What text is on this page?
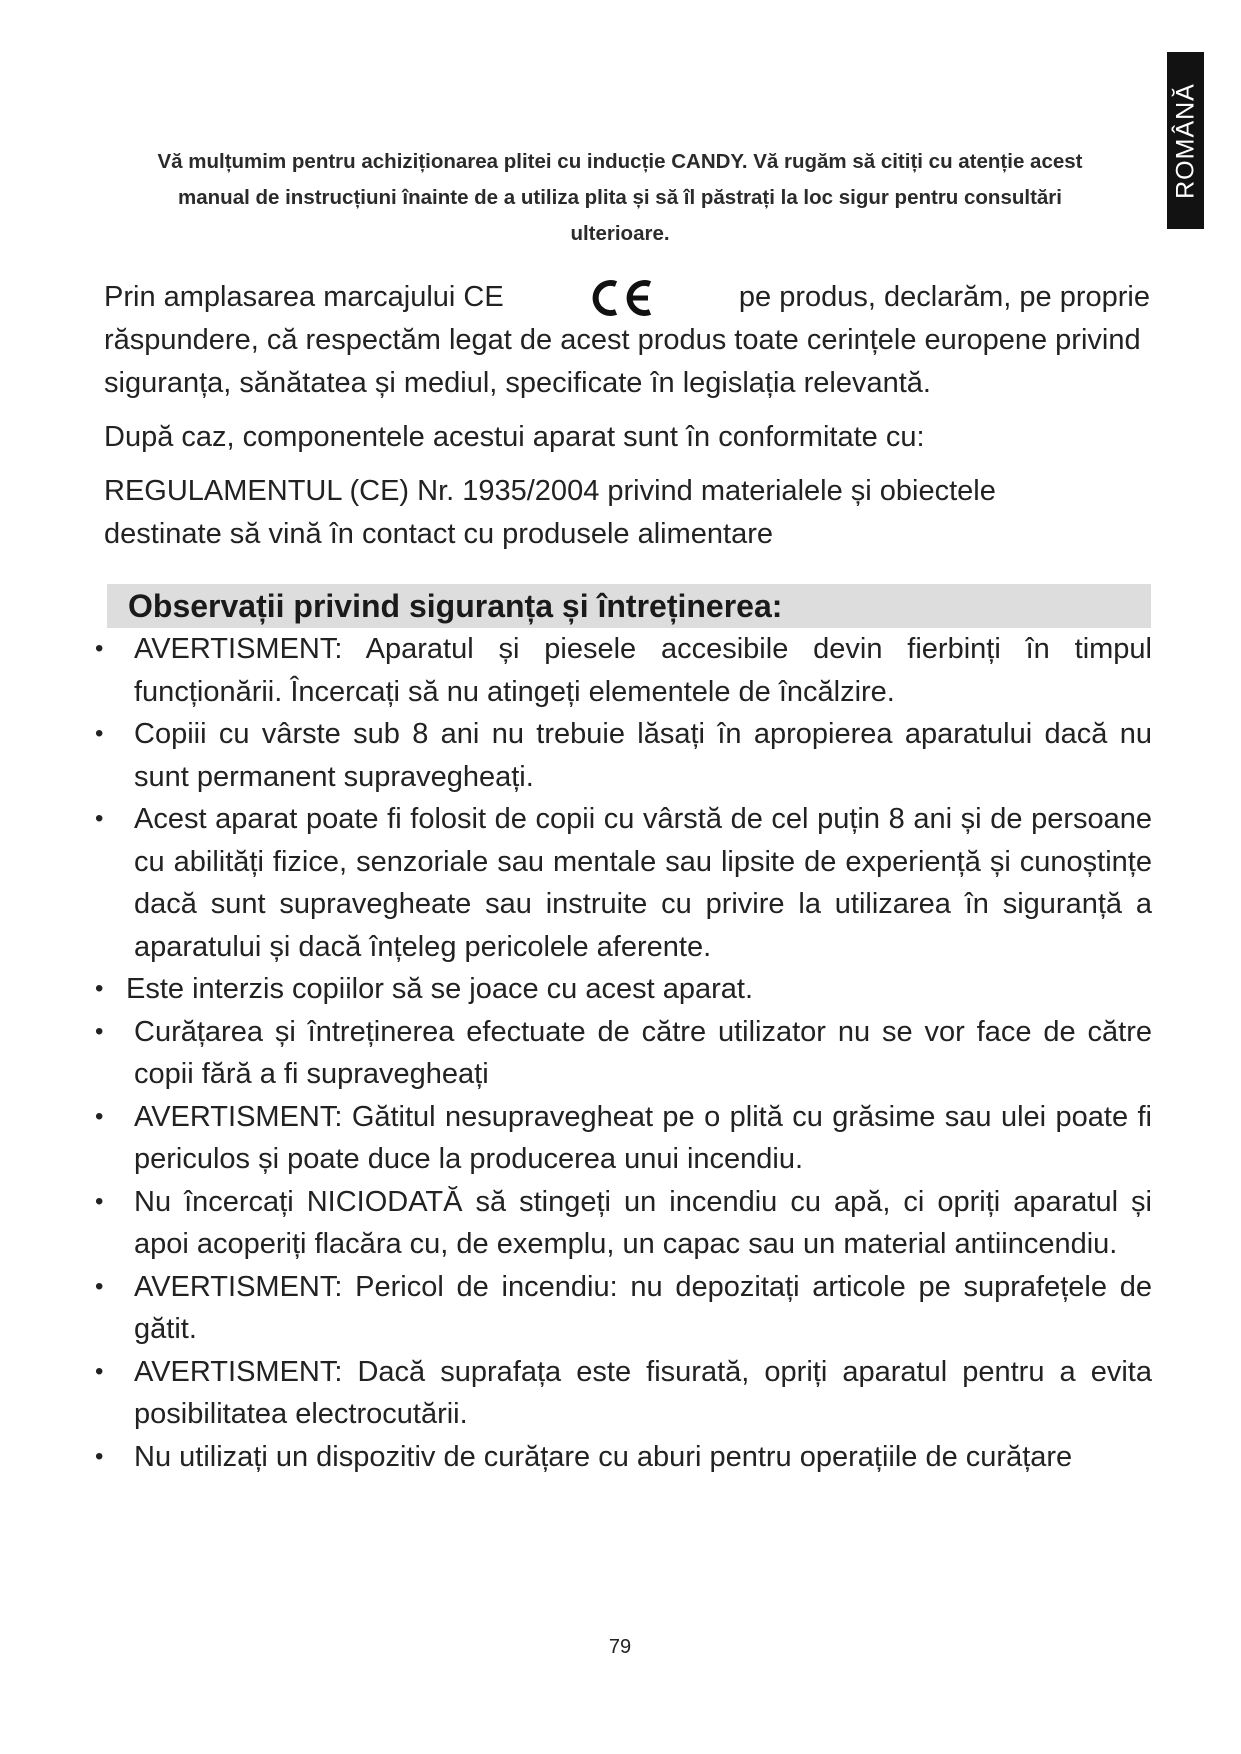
ROMÂNĂ
Vă mulțumim pentru achiziționarea plitei cu inducție CANDY. Vă rugăm să citiți cu atenție acest manual de instrucțiuni înainte de a utiliza plita și să îl păstrați la loc sigur pentru consultări ulterioare.
Prin amplasarea marcajului CE	pe produs, declarăm, pe proprie
răspundere, că respectăm legat de acest produs toate cerințele europene privind siguranța, sănătatea și mediul, specificate în legislația relevantă.
După caz, componentele acestui aparat sunt în conformitate cu:
REGULAMENTUL (CE) Nr. 1935/2004 privind materialele și obiectele destinate să vină în contact cu produsele alimentare
Observații privind siguranța și întreținerea:
• AVERTISMENT: Aparatul și piesele accesibile devin fierbinți în timpul funcționării. Încercați să nu atingeți elementele de încălzire.
• Copiii cu vârste sub 8 ani nu trebuie lăsați în apropierea aparatului dacă nu sunt permanent supravegheați.
• Acest aparat poate fi folosit de copii cu vârstă de cel puțin 8 ani și de persoane cu abilități fizice, senzoriale sau mentale sau lipsite de experiență și cunoștințe dacă sunt supravegheate sau instruite cu privire la utilizarea în siguranță a aparatului și dacă înțeleg pericolele aferente.
• Este interzis copiilor să se joace cu acest aparat.
• Curățarea și întreținerea efectuate de către utilizator nu se vor face de către copii fără a fi supravegheați
• AVERTISMENT: Gătitul nesupravegheat pe o plită cu grăsime sau ulei poate fi periculos și poate duce la producerea unui incendiu.
• Nu încercați NICIODATĂ să stingeți un incendiu cu apă, ci opriți aparatul și apoi acoperiți flacăra cu, de exemplu, un capac sau un material antiincendiu.
• AVERTISMENT: Pericol de incendiu: nu depozitați articole pe suprafețele de gătit.
• AVERTISMENT: Dacă suprafața este fisurată, opriți aparatul pentru a evita posibilitatea electrocutării.
• Nu utilizați un dispozitiv de curățare cu aburi pentru operațiile de curățare
79
